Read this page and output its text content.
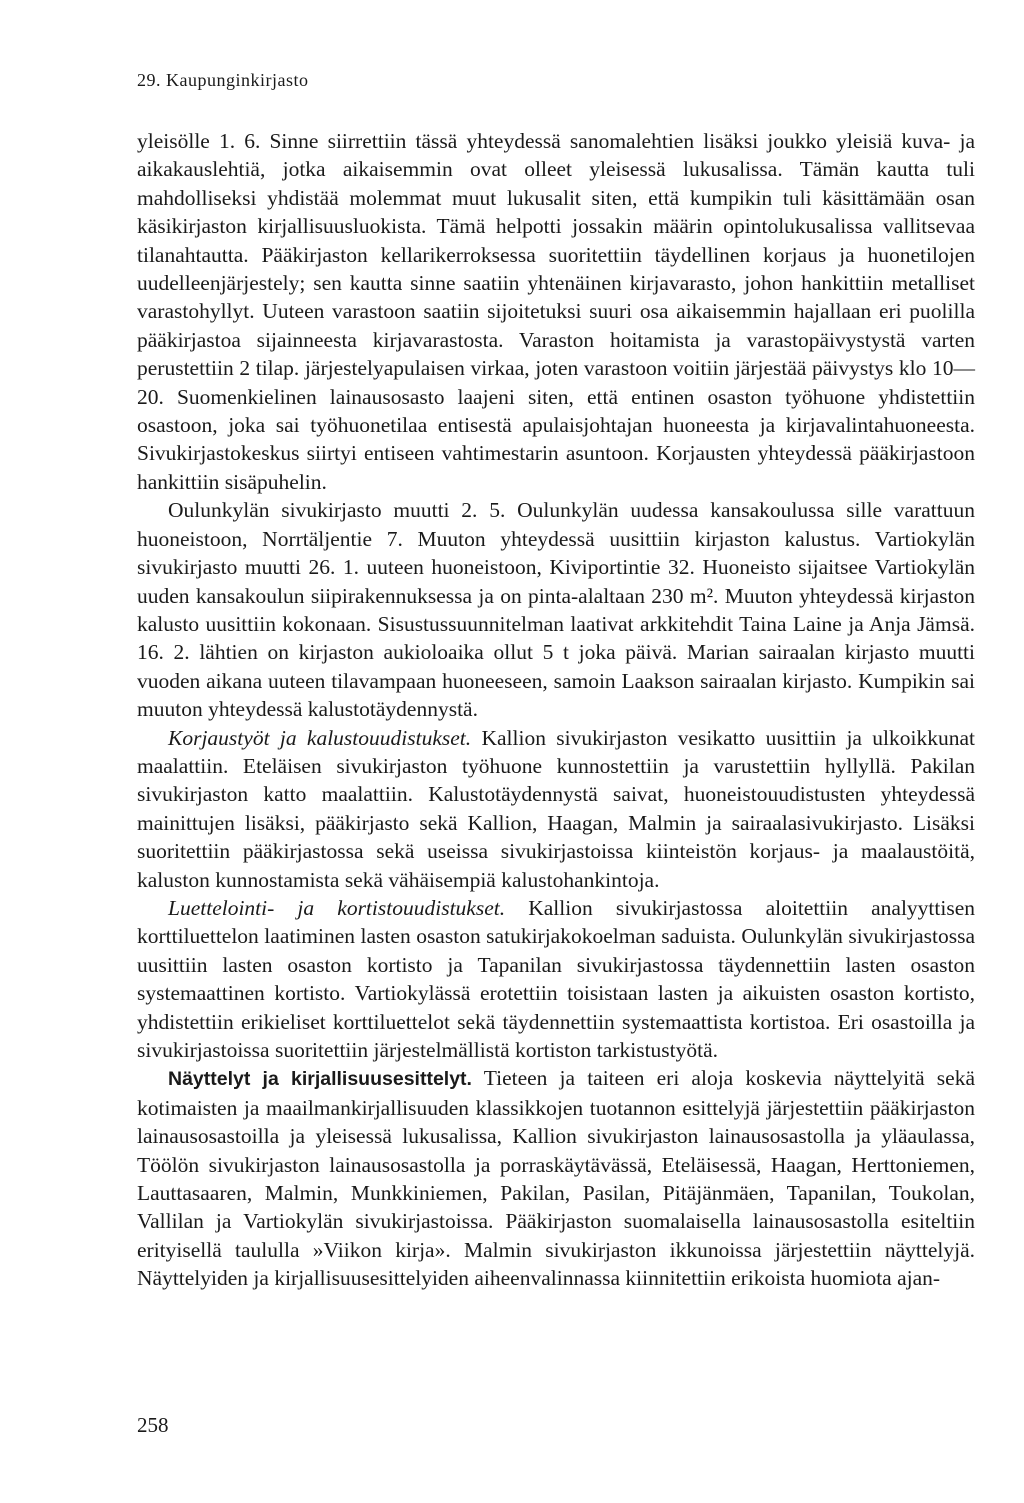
29. Kaupunginkirjasto

yleisölle 1. 6. Sinne siirrettiin tässä yhteydessä sanomalehtien lisäksi joukko yleisiä kuva- ja aikakauslehtiä, jotka aikaisemmin ovat olleet yleisessä lukusalissa. Tämän kautta tuli mahdolliseksi yhdistää molemmat muut lukusalit siten, että kumpikin tuli käsittämään osan käsikirjaston kirjallisuusluokista. Tämä helpotti jossakin määrin opintolukusalissa vallitsevaa tilanahtautta. Pääkirjaston kellarikerroksessa suoritettiin täydellinen korjaus ja huonetilojen uudelleenjärjestely; sen kautta sinne saatiin yhtenäinen kirjavarasto, johon hankittiin metalliset varastohyllyt. Uuteen varastoon saatiin sijoitetuksi suuri osa aikaisemmin hajallaan eri puolilla pääkirjastoa sijainneesta kirjavarastosta. Varaston hoitamista ja varastopäivystystä varten perustettiin 2 tilap. järjestelyapulaisen virkaa, joten varastoon voitiin järjestää päivystys klo 10—20. Suomenkielinen lainausosasto laajeni siten, että entinen osaston työhuone yhdistettiin osastoon, joka sai työhuonetilaa entisestä apulaisjohtajan huoneesta ja kirjavalintahuoneesta. Sivukirjastokeskus siirtyi entiseen vahtimestarin asuntoon. Korjausten yhteydessä pääkirjastoon hankittiin sisäpuhelin.

Oulunkylän sivukirjasto muutti 2. 5. Oulunkylän uudessa kansakoulussa sille varattuun huoneistoon, Norrtäljentie 7. Muuton yhteydessä uusittiin kirjaston kalustus. Vartiokylän sivukirjasto muutti 26. 1. uuteen huoneistoon, Kiviportintie 32. Huoneisto sijaitsee Vartiokylän uuden kansakoulun siipirakennuksessa ja on pinta-alaltaan 230 m². Muuton yhteydessä kirjaston kalusto uusittiin kokonaan. Sisustussuunnitelman laativat arkkitehdit Taina Laine ja Anja Jämsä. 16. 2. lähtien on kirjaston aukioloaika ollut 5 t joka päivä. Marian sairaalan kirjasto muutti vuoden aikana uuteen tilavampaan huoneeseen, samoin Laakson sairaalan kirjasto. Kumpikin sai muuton yhteydessä kalustotäydennystä.

Korjaustyöt ja kalustouudistukset. Kallion sivukirjaston vesikatto uusittiin ja ulkoikkunat maalattiin. Eteläisen sivukirjaston työhuone kunnostettiin ja varustettiin hyllyllä. Pakilan sivukirjaston katto maalattiin. Kalustotäydennystä saivat, huoneistouudistusten yhteydessä mainittujen lisäksi, pääkirjasto sekä Kallion, Haagan, Malmin ja sairaalasivukirjasto. Lisäksi suoritettiin pääkirjastossa sekä useissa sivukirjastoissa kiinteistön korjaus- ja maalaustöitä, kaluston kunnostamista sekä vähäisempiä kalustohankintoja.

Luettelointi- ja kortistouudistukset. Kallion sivukirjastossa aloitettiin analyyttisen korttiluettelon laatiminen lasten osaston satukirjakokoelman saduista. Oulunkylän sivukirjastossa uusittiin lasten osaston kortisto ja Tapanilan sivukirjastossa täydennettiin lasten osaston systemaattinen kortisto. Vartiokylässä erotettiin toisistaan lasten ja aikuisten osaston kortisto, yhdistettiin erikieliset korttiluettelot sekä täydennettiin systemaattista kortistoa. Eri osastoilla ja sivukirjastoissa suoritettiin järjestelmällistä kortiston tarkistustyötä.

Näyttelyt ja kirjallisuusesittelyt. Tieteen ja taiteen eri aloja koskevia näyttelyitä sekä kotimaisten ja maailmankirjallisuuden klassikkojen tuotannon esittelyjä järjestettiin pääkirjaston lainausosastoilla ja yleisessä lukusalissa, Kallion sivukirjaston lainausosastolla ja yläaulassa, Töölön sivukirjaston lainausosastolla ja porraskäytävässä, Eteläisessä, Haagan, Herttoniemen, Lauttasaaren, Malmin, Munkkiniemen, Pakilan, Pasilan, Pitäjänmäen, Tapanilan, Toukolan, Vallilan ja Vartiokylän sivukirjastoissa. Pääkirjaston suomalaisella lainausosastolla esiteltiin erityisellä taululla »Viikon kirja». Malmin sivukirjaston ikkunoissa järjestettiin näyttelyjä. Näyttelyiden ja kirjallisuusesittelyiden aiheenvalinnassa kiinnitettiin erikoista huomiota ajan-

258
